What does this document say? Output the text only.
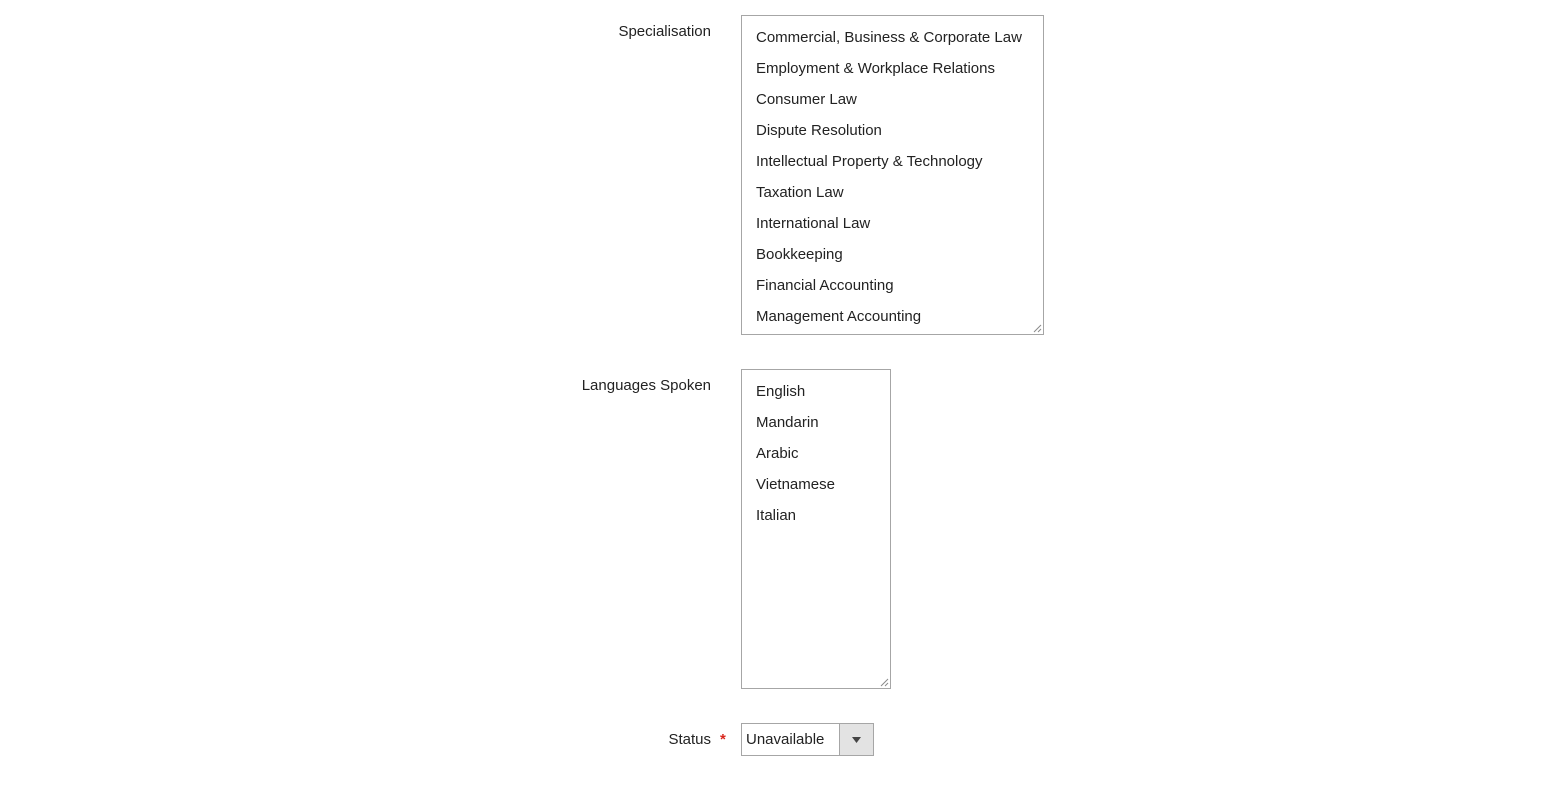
Specialisation	Commercial, Business & Corporate Law
Employment & Workplace Relations
Consumer Law
Dispute Resolution
Intellectual Property & Technology
Taxation Law
International Law
Bookkeeping
Financial Accounting
Management Accounting
Languages Spoken	English
Mandarin
Arabic
Vietnamese
Italian
Status * Unavailable
